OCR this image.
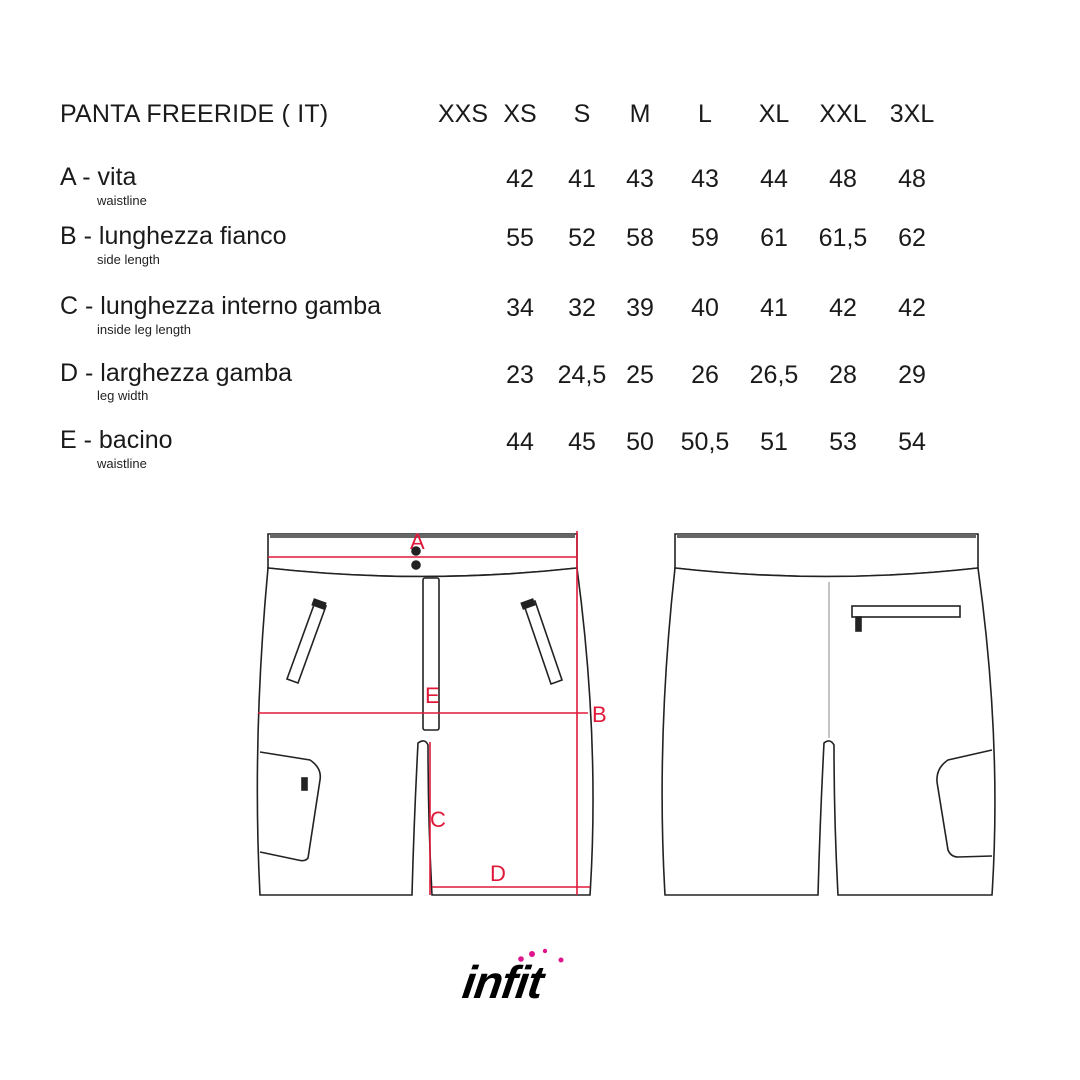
PANTA FREERIDE ( IT)	XXS XS	S	M	L	XL	XXL 3XL
A - vita
waistline
42	41	43	43	44	48	48
B - lunghezza fianco
side length
55	52	58	59	61	61,5	62
C - lunghezza interno gamba
inside leg length
34	32	39	40	41	42	42
D - larghezza gamba
leg width
23 24,5 25	26	26,5	28	29
E - bacino
waistline
44	45	50	50,5	51	53	54
A
B
C
D
E
infit
